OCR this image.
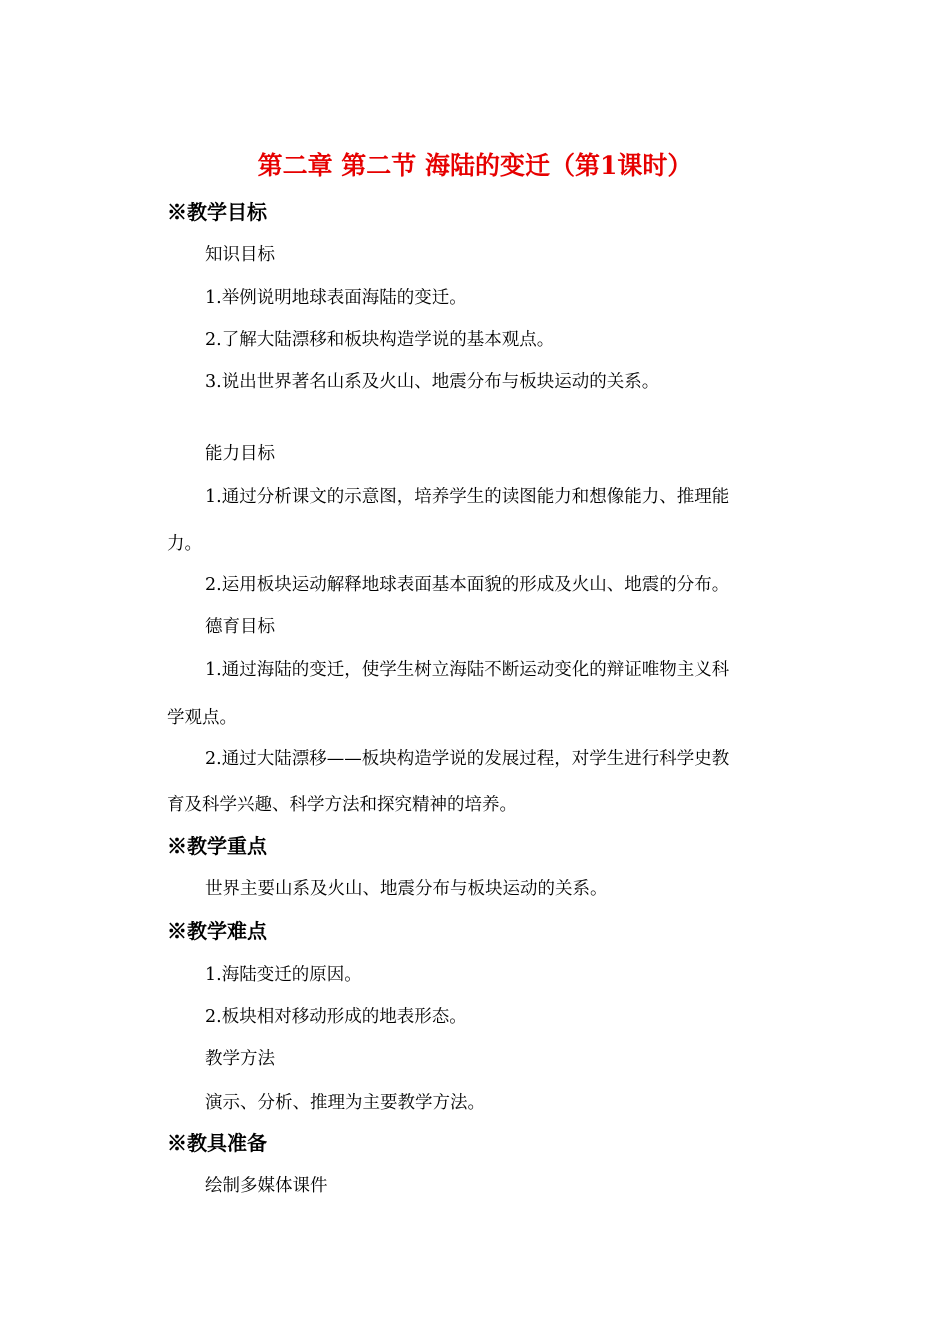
第二章 第二节 海陆的变迁（第1课时）
※教学目标
知识目标
1.举例说明地球表面海陆的变迁。
2.了解大陆漂移和板块构造学说的基本观点。
3.说出世界著名山系及火山、地震分布与板块运动的关系。
能力目标
1.通过分析课文的示意图，培养学生的读图能力和想像能力、推理能
力。
2.运用板块运动解释地球表面基本面貌的形成及火山、地震的分布。
德育目标
1.通过海陆的变迁，使学生树立海陆不断运动变化的辩证唯物主义科
学观点。
2.通过大陆漂移——板块构造学说的发展过程，对学生进行科学史教
育及科学兴趣、科学方法和探究精神的培养。
※教学重点
世界主要山系及火山、地震分布与板块运动的关系。
※教学难点
1.海陆变迁的原因。
2.板块相对移动形成的地表形态。
教学方法
演示、分析、推理为主要教学方法。
※教具准备
绘制多媒体课件
